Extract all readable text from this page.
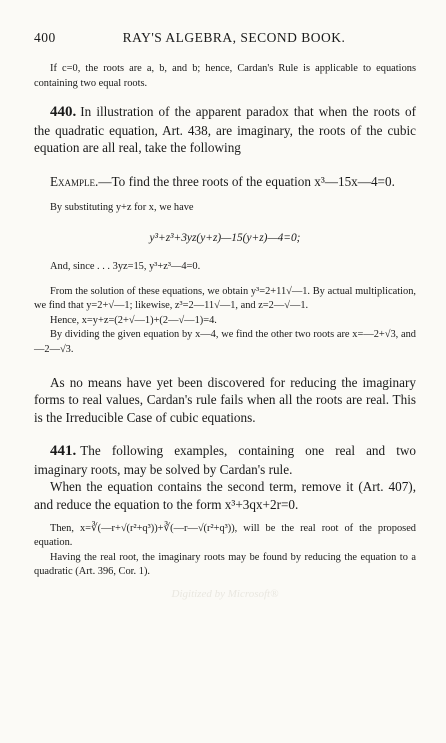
400	RAY'S ALGEBRA, SECOND BOOK.

If c=0, the roots are a, b, and b; hence, Cardan's Rule is applicable to equations containing two equal roots.

440. In illustration of the apparent paradox that when the roots of the quadratic equation, Art. 438, are imaginary, the roots of the cubic equation are all real, take the following

Example.—To find the three roots of the equation x³—15x—4=0.

By substituting y+z for x, we have

y³+z³+3yz(y+z)—15(y+z)—4=0;

And, since . . . 3yz=15, y³+z³—4=0.

From the solution of these equations, we obtain y³=2+11√—1. By actual multiplication, we find that y=2+√—1; likewise, z³=2—11√—1, and z=2—√—1.

Hence, x=y+z=(2+√—1)+(2—√—1)=4.

By dividing the given equation by x—4, we find the other two roots are x=—2+√3, and —2—√3.

As no means have yet been discovered for reducing the imaginary forms to real values, Cardan's rule fails when all the roots are real. This is the Irreducible Case of cubic equations.

441. The following examples, containing one real and two imaginary roots, may be solved by Cardan's rule.

When the equation contains the second term, remove it (Art. 407), and reduce the equation to the form x³+3qx+2r=0.

Then, x=∛(—r+√(r²+q³))+∛(—r—√(r²+q³)), will be the real root of the proposed equation.

Having the real root, the imaginary roots may be found by reducing the equation to a quadratic (Art. 396, Cor. 1).

Digitized by Microsoft®
